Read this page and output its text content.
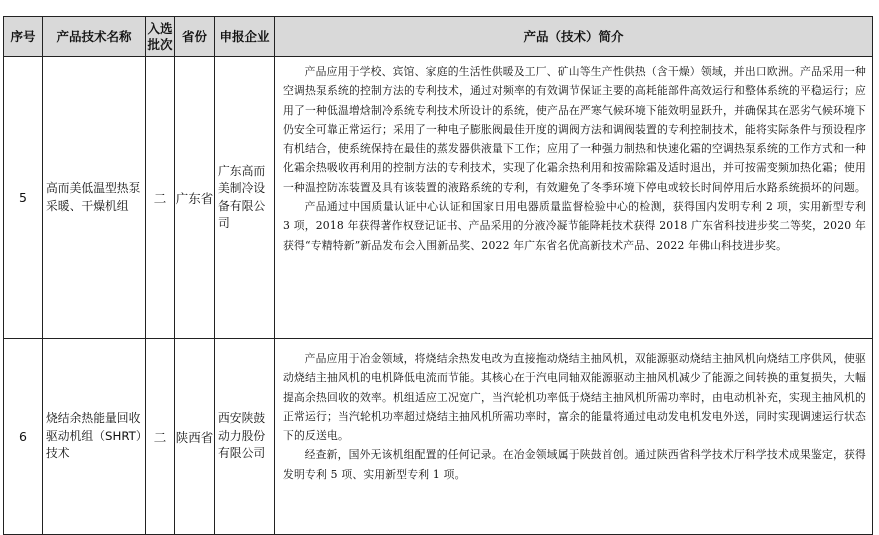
序号	产品技术名称	入选批次	省份	申报企业	产品（技术）简介
5	高而美低温型热泵采暖、干燥机组	二	广东省	广东高而美制冷设备有限公司	产品应用于学校、宾馆、家庭的生活性供暖及工厂、矿山等生产性供热（含干燥）领域，并出口欧洲。产品采用一种空调热泵系统的控制方法的专利技术，通过对频率的有效调节保证主要的高耗能部件高效运行和整体系统的平稳运行；应用了一种低温增焓制冷系统专利技术所设计的系统，使产品在严寒气候环境下能效明显跃升，并确保其在恶劣气候环境下仍安全可靠正常运行；采用了一种电子膨胀阀最佳开度的调阀方法和调阀装置的专利控制技术，能将实际条件与预设程序有机结合，使系统保持在最佳的蒸发器供液量下工作；应用了一种强力制热和快速化霜的空调热泵系统的工作方式和一种化霜余热吸收再利用的控制方法的专利技术，实现了化霜余热利用和按需除霜及适时退出，并可按需变频加热化霜；使用一种温控防冻装置及具有该装置的液路系统的专利，有效避免了冬季环境下停电或较长时间停用后水路系统损坏的问题。

产品通过中国质量认证中心认证和国家日用电器质量监督检验中心的检测，获得国内发明专利 2 项，实用新型专利 3 项，2018 年获得著作权登记证书、产品采用的分液冷凝节能降耗技术获得 2018 广东省科技进步奖二等奖，2020 年获得“专精特新”新品发布会入围新品奖、2022 年广东省名优高新技术产品、2022 年佛山科技进步奖。

6	烧结余热能量回收驱动机组（SHRT）技术	二	陕西省	西安陕鼓动力股份有限公司	产品应用于冶金领域，将烧结余热发电改为直接拖动烧结主抽风机，双能源驱动烧结主抽风机向烧结工序供风，使驱动烧结主抽风机的电机降低电流而节能。其核心在于汽电同轴双能源驱动主抽风机减少了能源之间转换的重复损失，大幅提高余热回收的效率。机组适应工况宽广，当汽轮机功率低于烧结主抽风机所需功率时，由电动机补充，实现主抽风机的正常运行；当汽轮机功率超过烧结主抽风机所需功率时，富余的能量将通过电动发电机发电外送，同时实现调速运行状态下的反送电。

经查新，国外无该机组配置的任何记录。在冶金领域属于陕鼓首创。通过陕西省科学技术厅科学技术成果鉴定，获得发明专利 5 项、实用新型专利 1 项。
